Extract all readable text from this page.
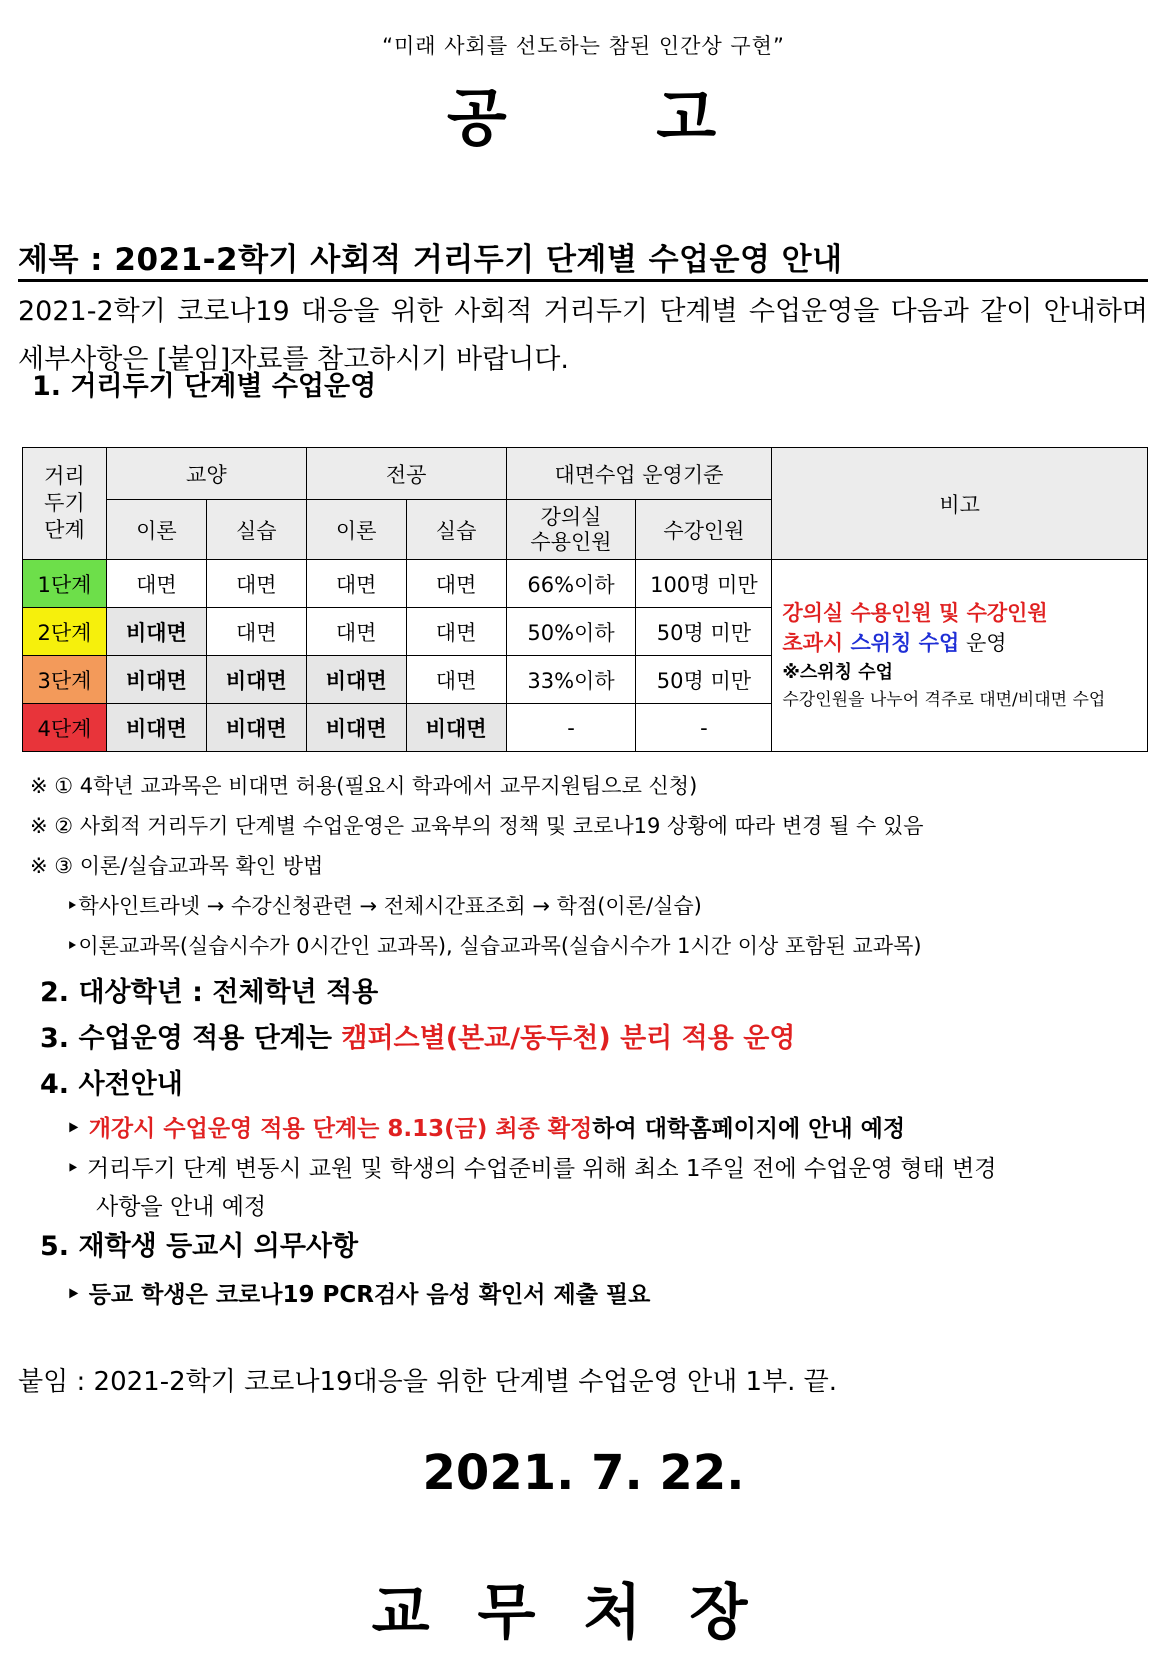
“미래 사회를 선도하는 참된 인간상 구현”
공 고
제목 : 2021-2학기 사회적 거리두기 단계별 수업운영 안내
2021-2학기 코로나19 대응을 위한 사회적 거리두기 단계별 수업운영을 다음과 같이 안내하며 세부사항은 [붙임]자료를 참고하시기 바랍니다.
1. 거리두기 단계별 수업운영
거리
두기
단계	교양		전공		대면수업 운영기준		비고
	이론	실습	이론	실습	강의실
수용인원	수강인원	
1단계	대면	대면	대면	대면	66%이하	100명 미만	강의실 수용인원 및 수강인원
초과시 스위칭 수업 운영
※스위칭 수업
수강인원을 나누어 격주로 대면/비대면 수업

2단계	비대면	대면	대면	대면	50%이하	50명 미만	
3단계	비대면	비대면	비대면	대면	33%이하	50명 미만	
4단계	비대면	비대면	비대면	비대면	-	-	
※ ① 4학년 교과목은 비대면 허용(필요시 학과에서 교무지원팀으로 신청)
※ ② 사회적 거리두기 단계별 수업운영은 교육부의 정책 및 코로나19 상황에 따라 변경 될 수 있음
※ ③ 이론/실습교과목 확인 방법
‣학사인트라넷 → 수강신청관련 → 전체시간표조회 → 학점(이론/실습)
‣이론교과목(실습시수가 0시간인 교과목), 실습교과목(실습시수가 1시간 이상 포함된 교과목)
2. 대상학년 : 전체학년 적용
3. 수업운영 적용 단계는 캠퍼스별(본교/동두천) 분리 적용 운영
4. 사전안내
‣ 개강시 수업운영 적용 단계는 8.13(금) 최종 확정하여 대학홈페이지에 안내 예정
‣ 거리두기 단계 변동시 교원 및 학생의 수업준비를 위해 최소 1주일 전에 수업운영 형태 변경
사항을 안내 예정
5. 재학생 등교시 의무사항
‣ 등교 학생은 코로나19 PCR검사 음성 확인서 제출 필요
붙임 : 2021-2학기 코로나19대응을 위한 단계별 수업운영 안내 1부. 끝.
2021. 7. 22.
교무처장
